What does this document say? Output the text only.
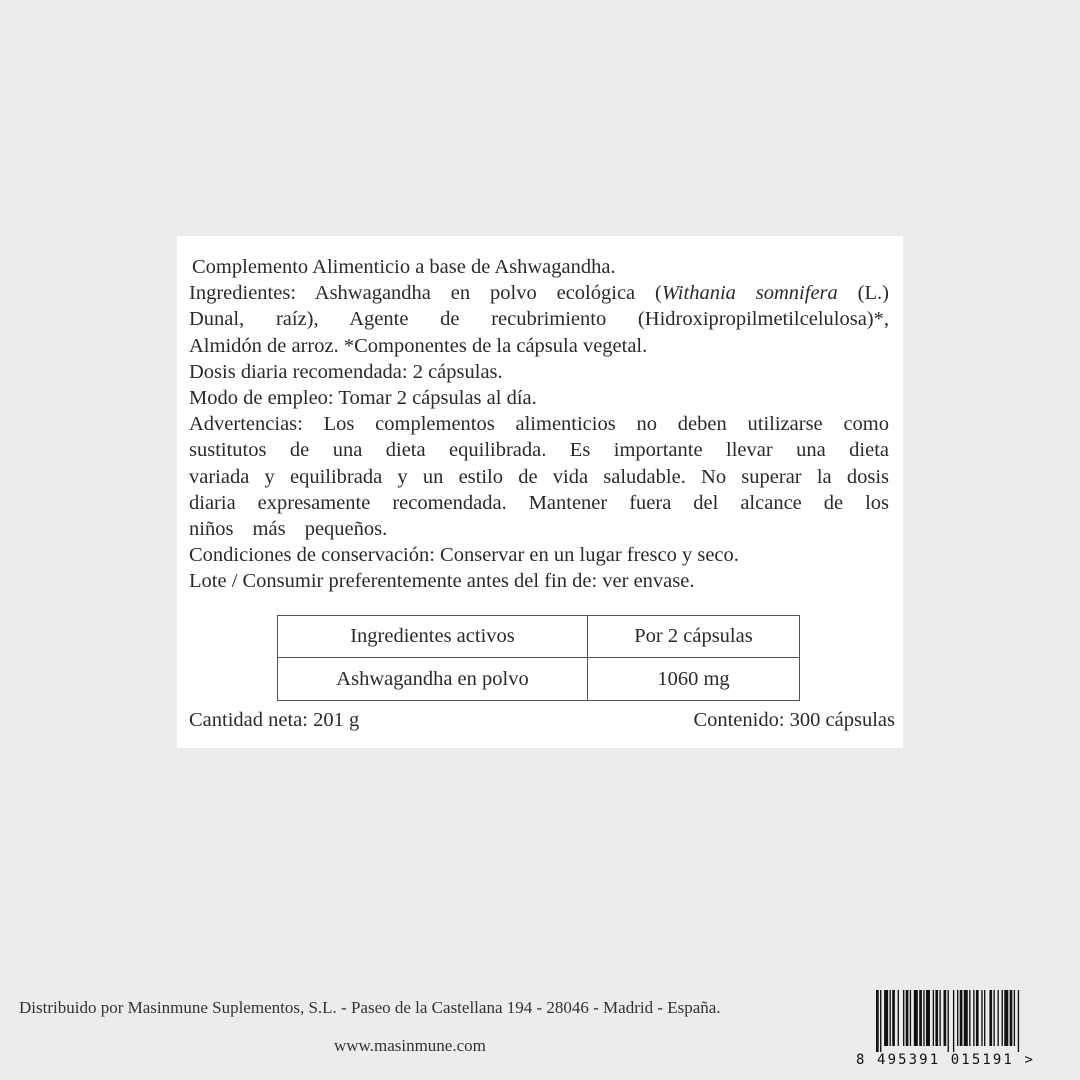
Complemento Alimenticio a base de Ashwagandha.
Ingredientes: Ashwagandha en polvo ecológica (Withania somnifera (L.)
Dunal, raíz), Agente de recubrimiento (Hidroxipropilmetilcelulosa)*,
Almidón de arroz. *Componentes de la cápsula vegetal.
Dosis diaria recomendada: 2 cápsulas.
Modo de empleo: Tomar 2 cápsulas al día.
Advertencias: Los complementos alimenticios no deben utilizarse como
sustitutos de una dieta equilibrada. Es importante llevar una dieta
variada y equilibrada y un estilo de vida saludable. No superar la dosis
diaria expresamente recomendada. Mantener fuera del alcance de los
niños más pequeños.
Condiciones de conservación: Conservar en un lugar fresco y seco.
Lote / Consumir preferentemente antes del fin de: ver envase.
Ingredientes activos	Por 2 cápsulas
Ashwagandha en polvo	1060 mg
Cantidad neta: 201 g	Contenido: 300 cápsulas
Distribuido por Masinmune Suplementos, S.L. - Paseo de la Castellana 194 - 28046 - Madrid - España.
www.masinmune.com
8 495391 015191 >
